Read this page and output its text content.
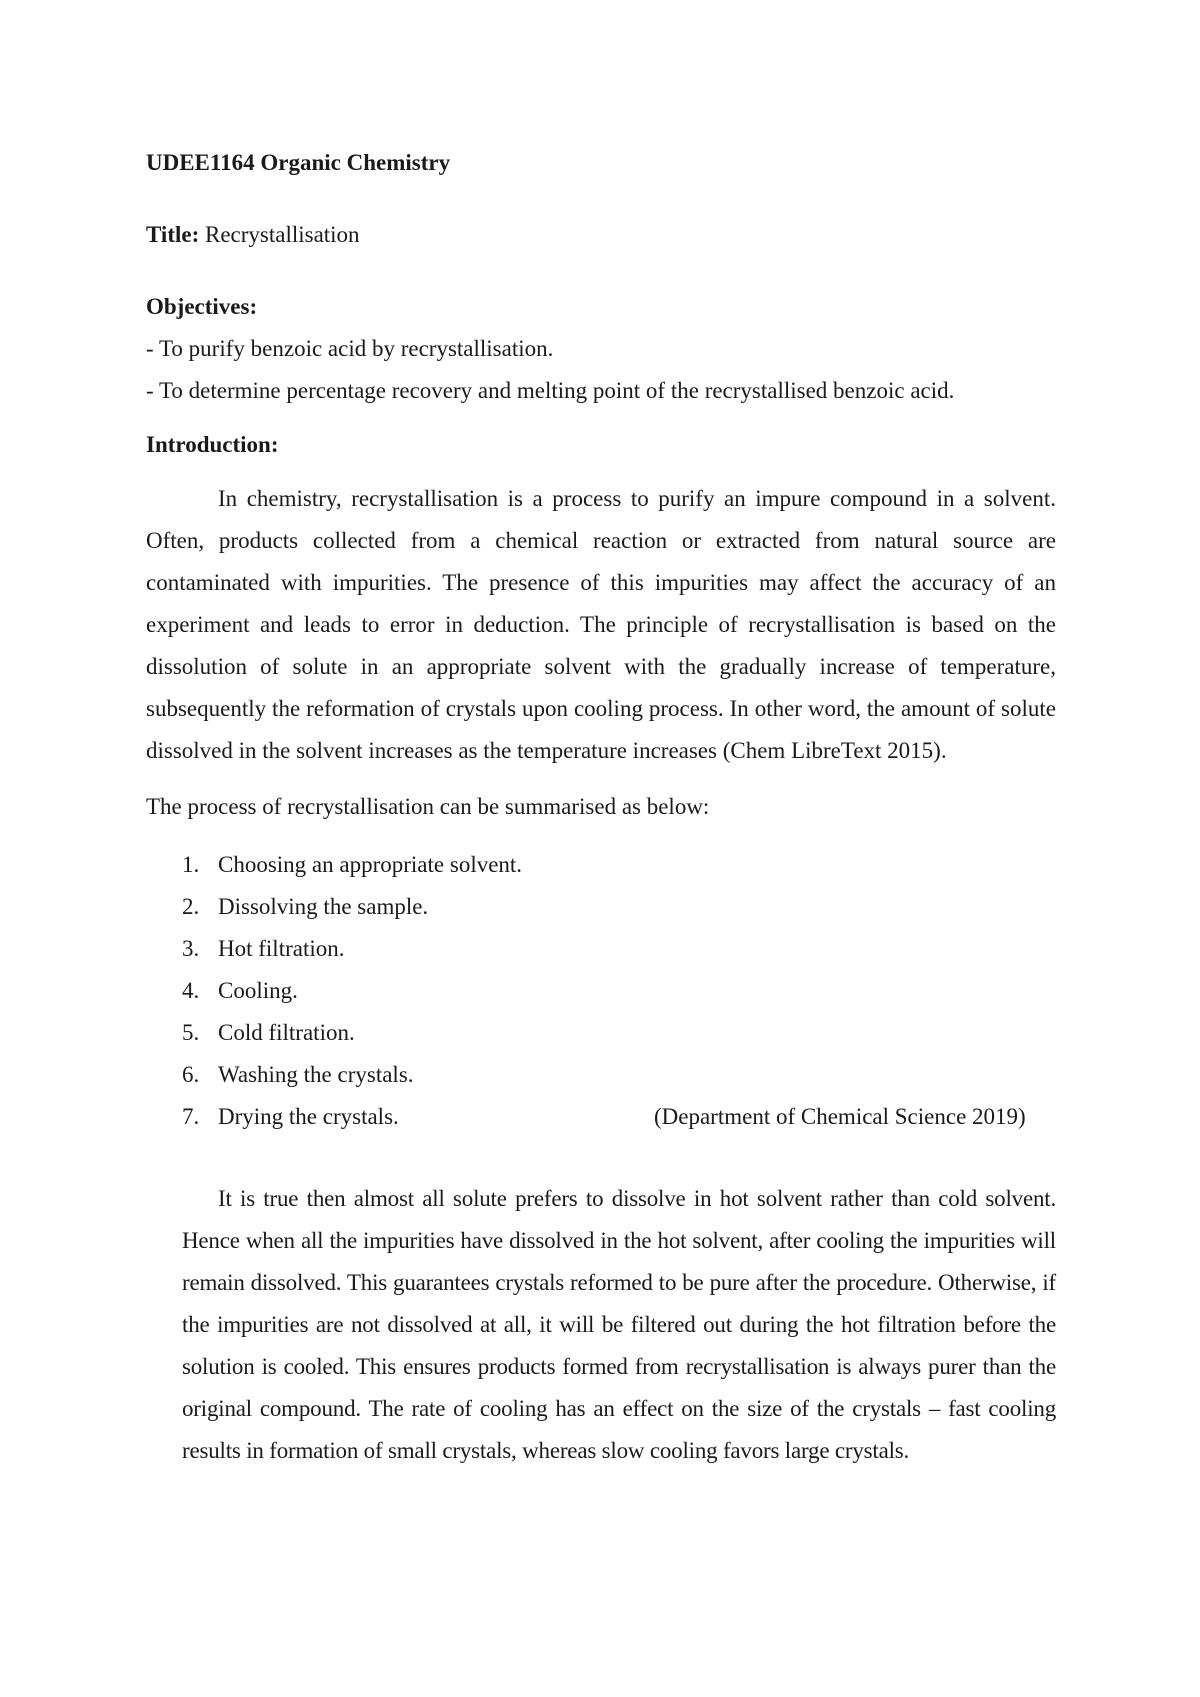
UDEE1164 Organic Chemistry

Title: Recrystallisation

Objectives:

- To purify benzoic acid by recrystallisation.

- To determine percentage recovery and melting point of the recrystallised benzoic acid.

Introduction:

In chemistry, recrystallisation is a process to purify an impure compound in a solvent. Often, products collected from a chemical reaction or extracted from natural source are contaminated with impurities. The presence of this impurities may affect the accuracy of an experiment and leads to error in deduction. The principle of recrystallisation is based on the dissolution of solute in an appropriate solvent with the gradually increase of temperature, subsequently the reformation of crystals upon cooling process. In other word, the amount of solute dissolved in the solvent increases as the temperature increases (Chem LibreText 2015).

The process of recrystallisation can be summarised as below:

1. Choosing an appropriate solvent.
2. Dissolving the sample.
3. Hot filtration.
4. Cooling.
5. Cold filtration.
6. Washing the crystals.
7. Drying the crystals.	(Department of Chemical Science 2019)

It is true then almost all solute prefers to dissolve in hot solvent rather than cold solvent. Hence when all the impurities have dissolved in the hot solvent, after cooling the impurities will remain dissolved. This guarantees crystals reformed to be pure after the procedure. Otherwise, if the impurities are not dissolved at all, it will be filtered out during the hot filtration before the solution is cooled. This ensures products formed from recrystallisation is always purer than the original compound. The rate of cooling has an effect on the size of the crystals – fast cooling results in formation of small crystals, whereas slow cooling favors large crystals.
